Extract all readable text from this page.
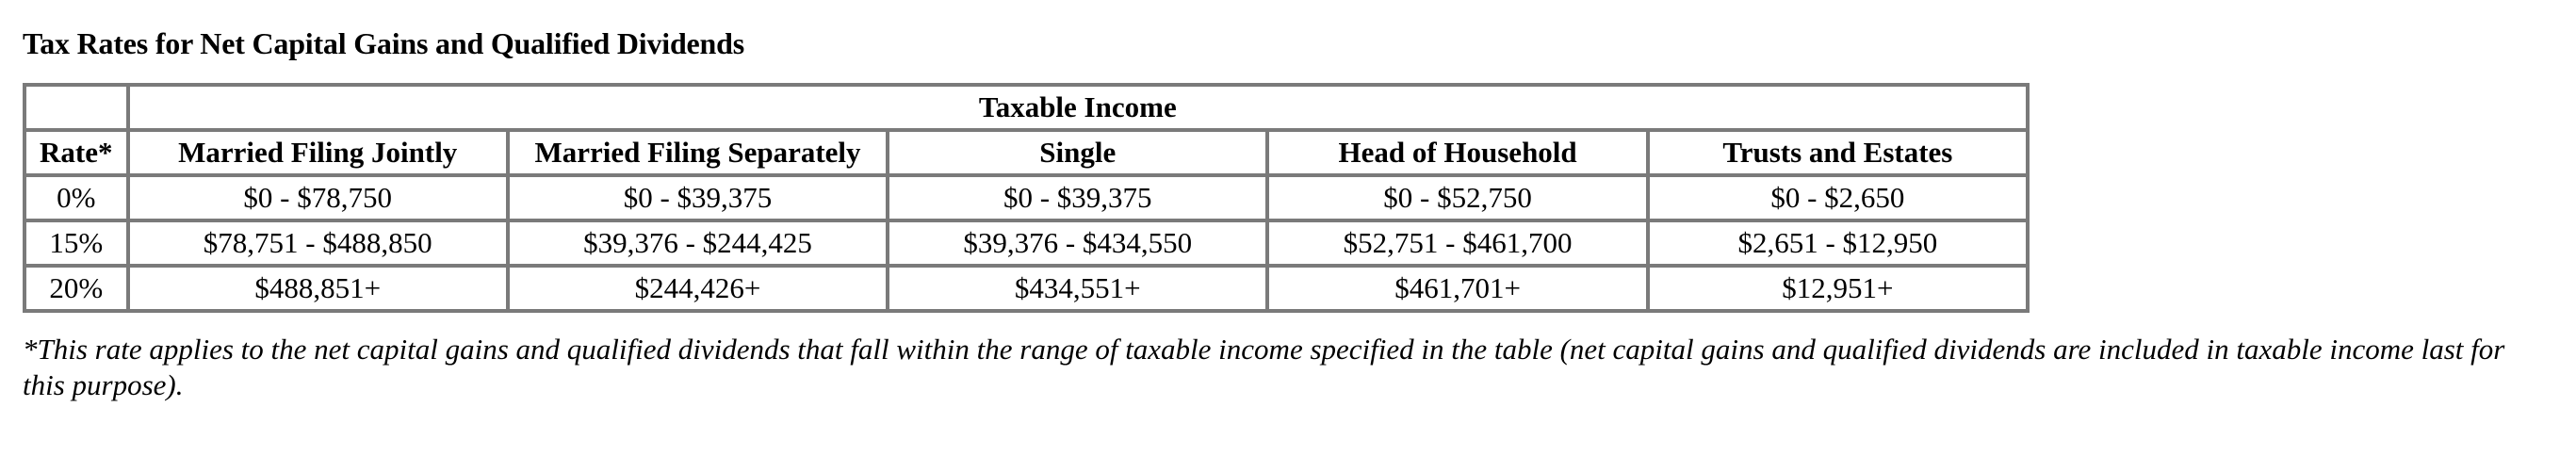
Tax Rates for Net Capital Gains and Qualified Dividends
	Taxable Income				
Rate*	Married Filing Jointly	Married Filing Separately	Single	Head of Household	Trusts and Estates
0%	$0 - $78,750	$0 - $39,375	$0 - $39,375	$0 - $52,750	$0 - $2,650
15%	$78,751 - $488,850	$39,376 - $244,425	$39,376 - $434,550	$52,751 - $461,700	$2,651 - $12,950
20%	$488,851+	$244,426+	$434,551+	$461,701+	$12,951+

*This rate applies to the net capital gains and qualified dividends that fall within the range of taxable income specified in the table (net capital gains and qualified dividends are included in taxable income last for this purpose).
